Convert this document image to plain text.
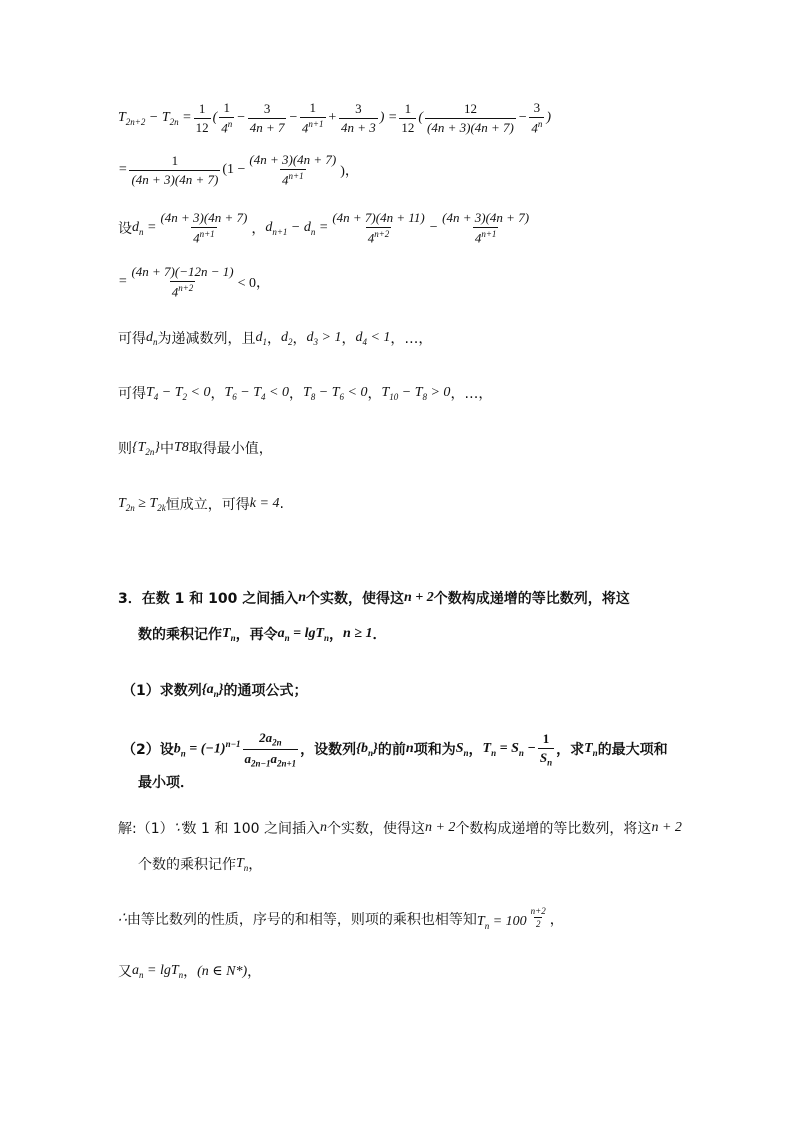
$T_{2n+2} - T_{2n} = \frac{1}{12}$ ( $\frac{1}{4^n} - \frac{3}{4n + 7} - \frac{1}{4^{n+1}} + \frac{3}{4n + 3}$ ) = $\frac{1}{12}$ ( $\frac{12}{(4n + 3)(4n + 7)} - \frac{3}{4^n}$ )
= $\frac{1}{(4n + 3)(4n + 7)} (1 - \frac{(4n + 3)(4n + 7)}{4^{n+1}}$ )，
设 $d_n = \frac{(4n + 3)(4n + 7)}{4^{n+1}}$ ， $d_{n+1} - d_n = \frac{(4n + 7)(4n + 11)}{4^{n+2}} - \frac{(4n + 3)(4n + 7)}{4^{n+1}}$
= $\frac{(4n + 7)(-12n - 1)}{4^{n+2}} < 0$，
可得 $d_n$ 为递减数列，且 $d_1$ ， $d_2$ ， $d_3 > 1$ ， $d_4 < 1$ ，…，
可得 $T_4 - T_2 < 0$ ， $T_6 - T_4 < 0$ ， $T_8 - T_6 < 0$ ， $T_{10} - T_8 > 0$ ，…，
则 $\{T_{2n}\}$ 中 T8 取得最小值，
$T_{2n} \ge T_{2k}$ 恒成立，可得 k = 4 .
3．在数 1 和 100 之间插入 n 个实数，使得这 n + 2 个数构成递增的等比数列，将这
数的乘积记作 $T_n$ ，再令 $a_n = \lg T_n$ ， n ≥ 1 ．
（1）求数列 $\{a_n\}$ 的通项公式；
（2）设 $b_n = (-1)^{n-1} \frac{2a_{2n}}{a_{2n-1}a_{2n+1}}$ ，设数列 $\{b_n\}$ 的前 n 项和为 $S_n$ ， $T_n = S_n - \frac{1}{S_n}$ ，求 $T_n$ 的最大项和
最小项．
解:（1） ∵ 数 1 和 100 之间插入 n 个实数，使得这 n + 2 个数构成递增的等比数列，将这 n + 2
个数的乘积记作 $T_n$ ，
∴ 由等比数列的性质，序号的和相等，则项的乘积也相等知 $T_n = 100$ $^{\frac{n+2}{2}}$ ，
又 $a_n = \lg T_n$ ， (n ∈ N*) ，
